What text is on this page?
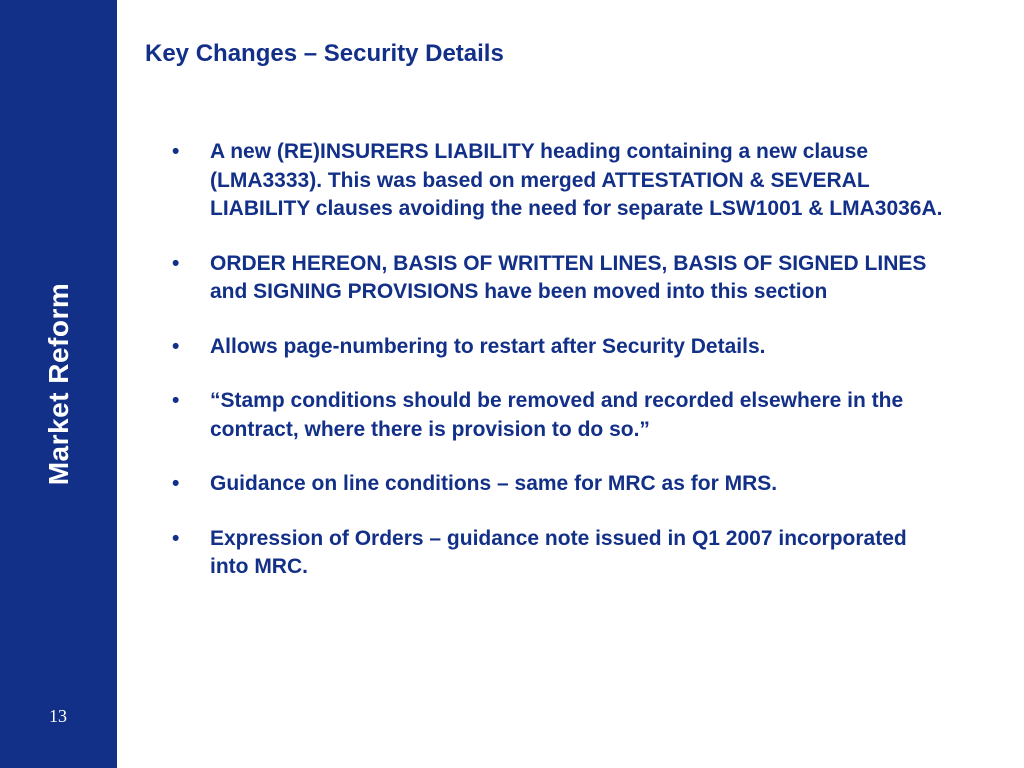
Market Reform
13
Key Changes – Security Details
• A new (RE)INSURERS LIABILITY heading containing a new clause (LMA3333). This was based on merged ATTESTATION & SEVERAL LIABILITY clauses avoiding the need for separate LSW1001 & LMA3036A.
• ORDER HEREON, BASIS OF WRITTEN LINES, BASIS OF SIGNED LINES and SIGNING PROVISIONS have been moved into this section
• Allows page-numbering to restart after Security Details.
• “Stamp conditions should be removed and recorded elsewhere in the contract, where there is provision to do so.”
• Guidance on line conditions – same for MRC as for MRS.
• Expression of Orders – guidance note issued in Q1 2007 incorporated into MRC.
